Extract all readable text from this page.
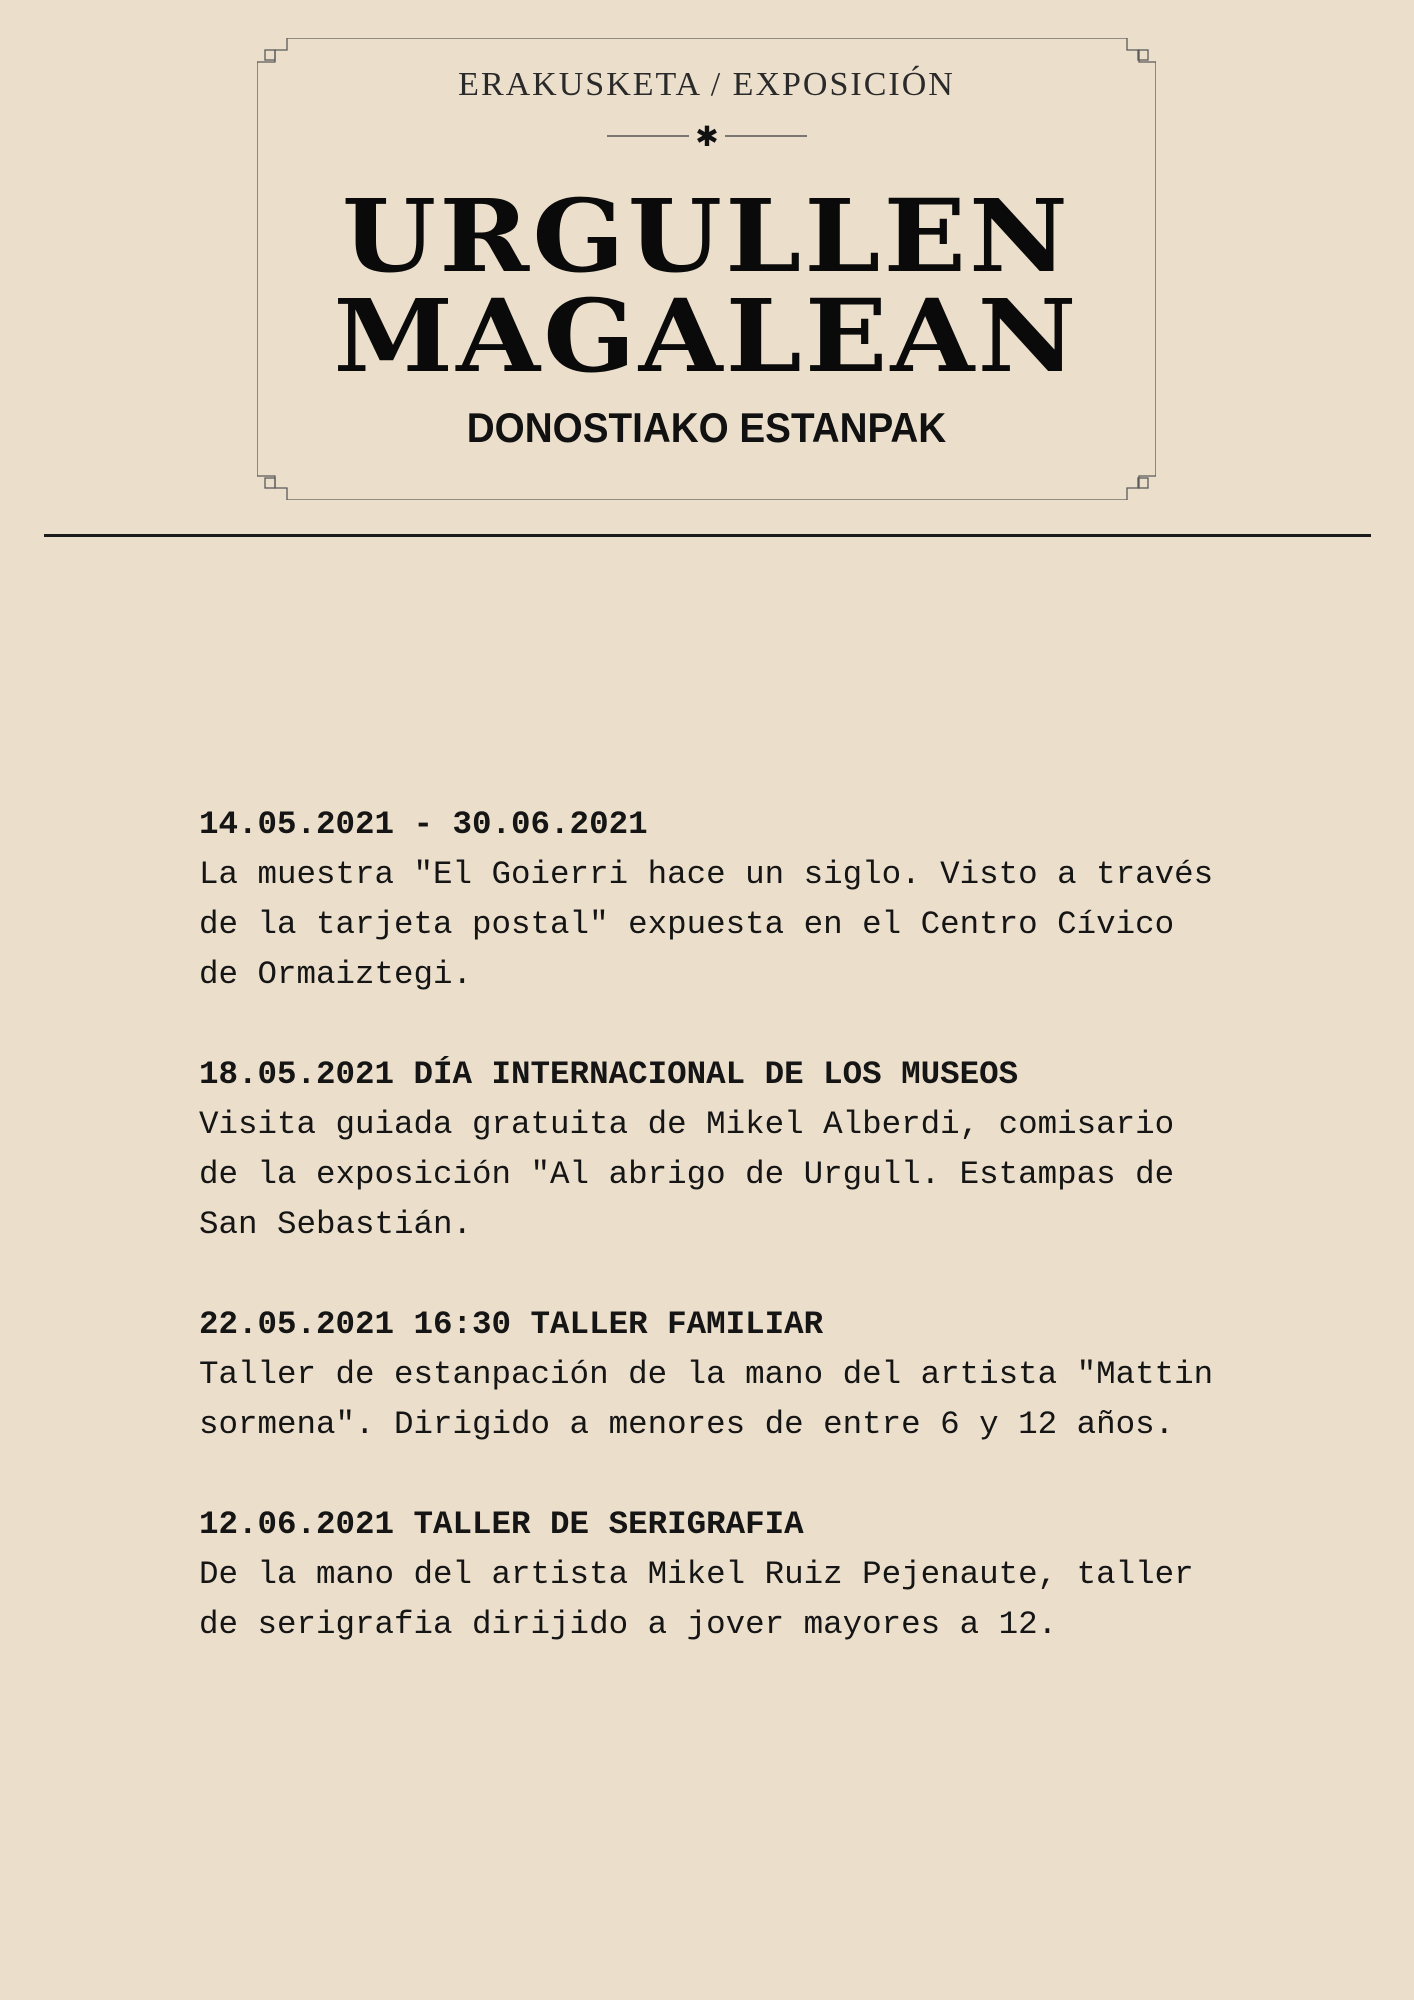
ERAKUSKETA / EXPOSICIÓN
✱
URGULLEN
MAGALEAN
DONOSTIAKO ESTANPAK
14.05.2021 - 30.06.2021
La muestra "El Goierri hace un siglo. Visto a través de la tarjeta postal" expuesta en el Centro Cívico de Ormaiztegi.
18.05.2021 DÍA INTERNACIONAL DE LOS MUSEOS
Visita guiada gratuita de Mikel Alberdi, comisario de la exposición "Al abrigo de Urgull. Estampas de San Sebastián.
22.05.2021 16:30 TALLER FAMILIAR
Taller de estanpación de la mano del artista "Mattin sormena". Dirigido a menores de entre 6 y 12 años.
12.06.2021 TALLER DE SERIGRAFIA
De la mano del artista Mikel Ruiz Pejenaute, taller de serigrafia dirijido a jover mayores a 12.
